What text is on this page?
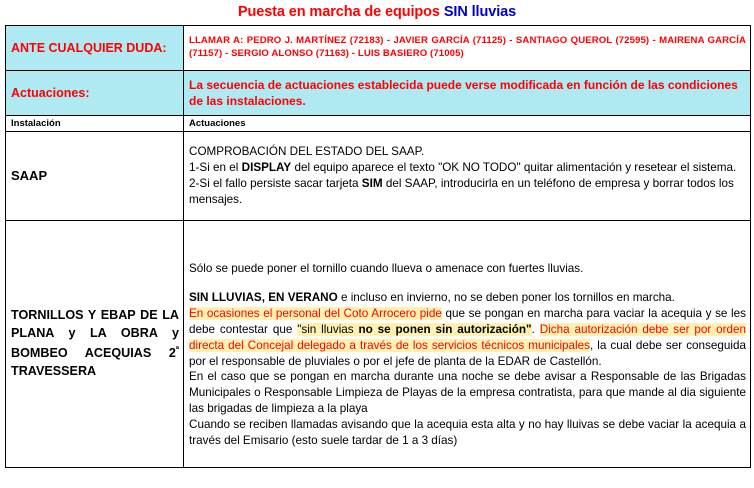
Puesta en marcha de equipos SIN lluvias
ANTE CUALQUIER DUDA:	LLAMAR A: PEDRO J. MARTÍNEZ (72183) - JAVIER GARCÍA (71125) - SANTIAGO QUEROL (72595) - MAIRENA GARCÍA (71157) - SERGIO ALONSO (71163) - LUIS BASIERO (71005)

Actuaciones:	La secuencia de actuaciones establecida puede verse modificada en función de las condiciones de las instalaciones.

Instalación	Actuaciones
SAAP	COMPROBACIÓN DEL ESTADO DEL SAAP.
1-Si en el DISPLAY del equipo aparece el texto "OK NO TODO" quitar alimentación y resetear el sistema.
2-Si el fallo persiste sacar tarjeta SIM del SAAP, introducirla en un teléfono de empresa y borrar todos los mensajes.

TORNILLOS Y EBAP DE LA PLANA y LA OBRA y BOMBEO ACEQUIAS $2^ª$ TRAVESSERA	Sólo se puede poner el tornillo cuando llueva o amenace con fuertes lluvias.

SIN LLUVIAS, EN VERANO e incluso en invierno, no se deben poner los tornillos en marcha.

En ocasiones el personal del Coto Arrocero pide que se pongan en marcha para vaciar la acequia y se les debe contestar que "sin lluvias no se ponen sin autorización". Dicha autorización debe ser por orden directa del Concejal delegado a través de los servicios técnicos municipales, la cual debe ser conseguida por el responsable de pluviales o por el jefe de planta de la EDAR de Castellón.

En el caso que se pongan en marcha durante una noche se debe avisar a Responsable de las Brigadas Municipales o Responsable Limpieza de Playas de la empresa contratista, para que mande al dia siguiente las brigadas de limpieza a la playa

Cuando se reciben llamadas avisando que la acequia esta alta y no hay lluivas se debe vaciar la acequia a través del Emisario (esto suele tardar de 1 a 3 días)
